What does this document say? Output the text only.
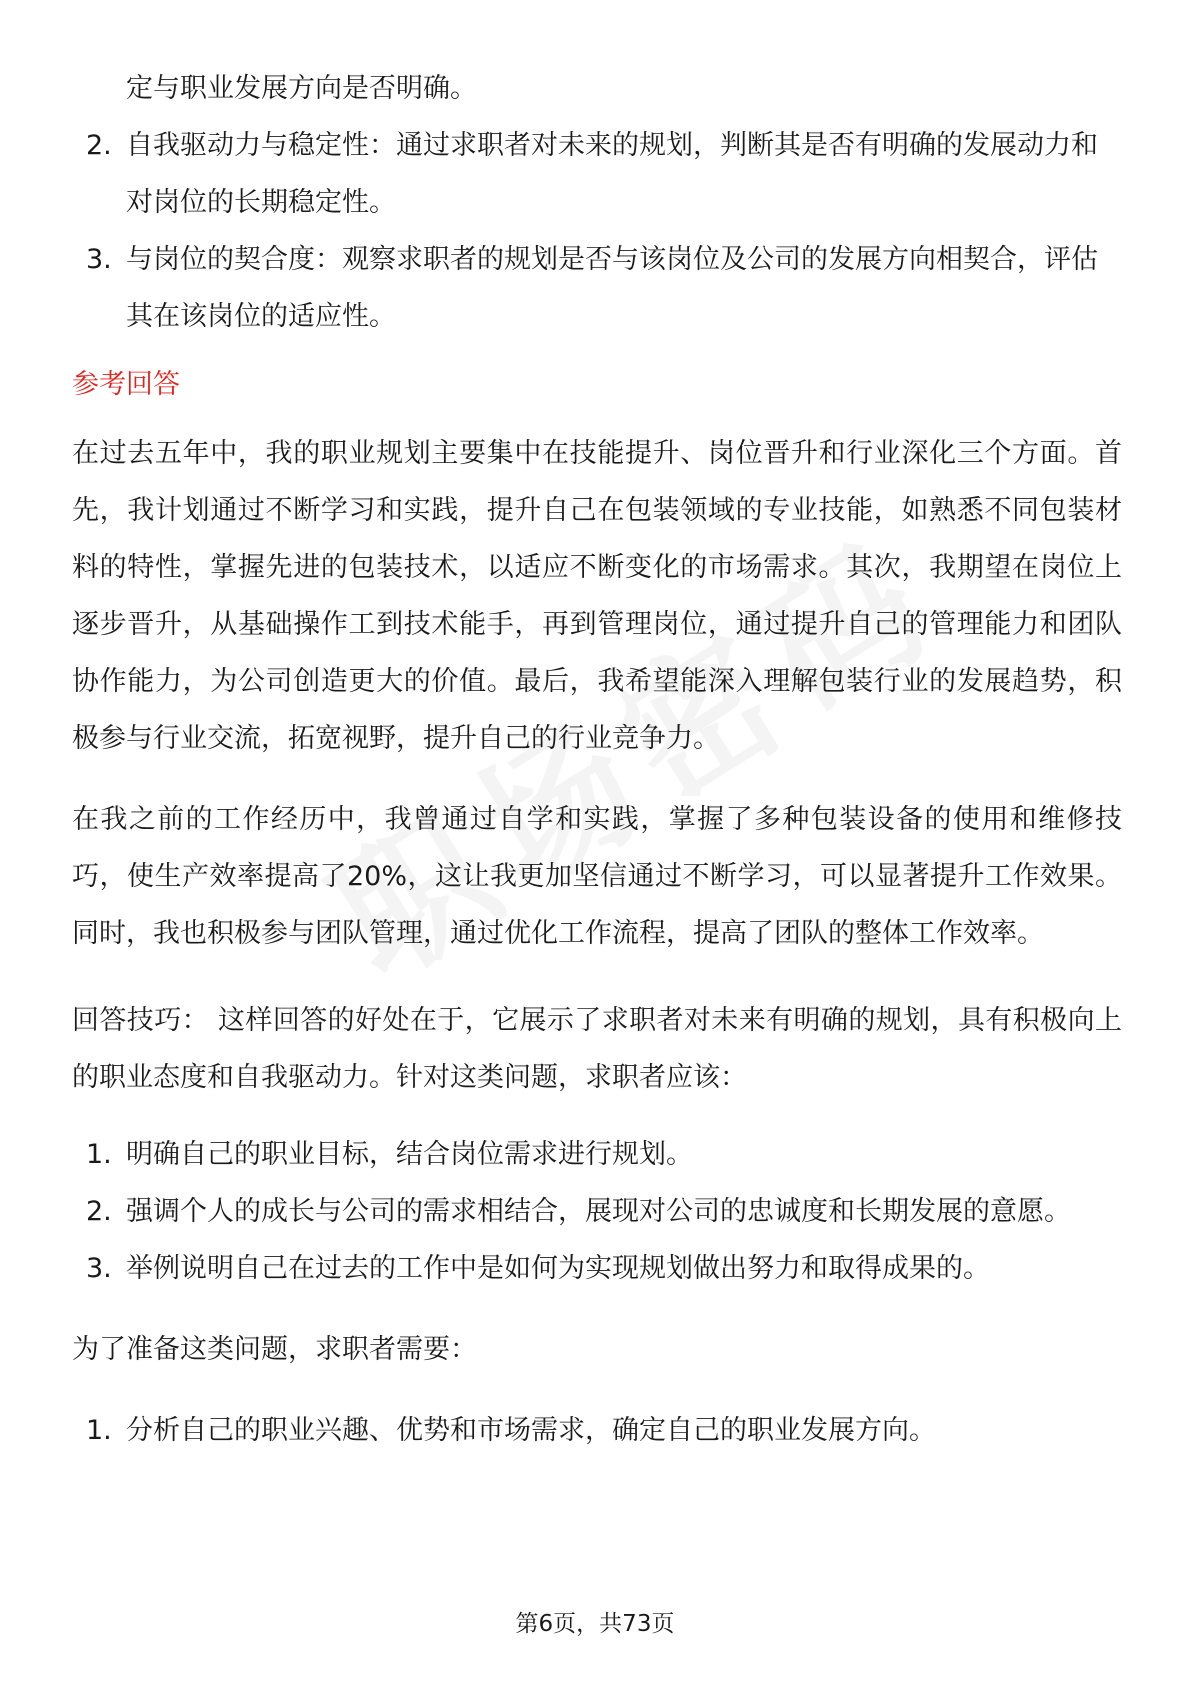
定与职业发展方向是否明确。

2. 自我驱动力与稳定性：通过求职者对未来的规划，判断其是否有明确的发展动力和对岗位的长期稳定性。
3. 与岗位的契合度：观察求职者的规划是否与该岗位及公司的发展方向相契合，评估其在该岗位的适应性。
参考回答

在过去五年中，我的职业规划主要集中在技能提升、岗位晋升和行业深化三个方面。首先，我计划通过不断学习和实践，提升自己在包装领域的专业技能，如熟悉不同包装材料的特性，掌握先进的包装技术，以适应不断变化的市场需求。其次，我期望在岗位上逐步晋升，从基础操作工到技术能手，再到管理岗位，通过提升自己的管理能力和团队协作能力，为公司创造更大的价值。最后，我希望能深入理解包装行业的发展趋势，积极参与行业交流，拓宽视野，提升自己的行业竞争力。

在我之前的工作经历中，我曾通过自学和实践，掌握了多种包装设备的使用和维修技巧，使生产效率提高了20%，这让我更加坚信通过不断学习，可以显著提升工作效果。同时，我也积极参与团队管理，通过优化工作流程，提高了团队的整体工作效率。

回答技巧： 这样回答的好处在于，它展示了求职者对未来有明确的规划，具有积极向上的职业态度和自我驱动力。针对这类问题，求职者应该：

1. 明确自己的职业目标，结合岗位需求进行规划。
2. 强调个人的成长与公司的需求相结合，展现对公司的忠诚度和长期发展的意愿。
3. 举例说明自己在过去的工作中是如何为实现规划做出努力和取得成果的。

为了准备这类问题，求职者需要：

1. 分析自己的职业兴趣、优势和市场需求，确定自己的职业发展方向。
第6页，共73页
